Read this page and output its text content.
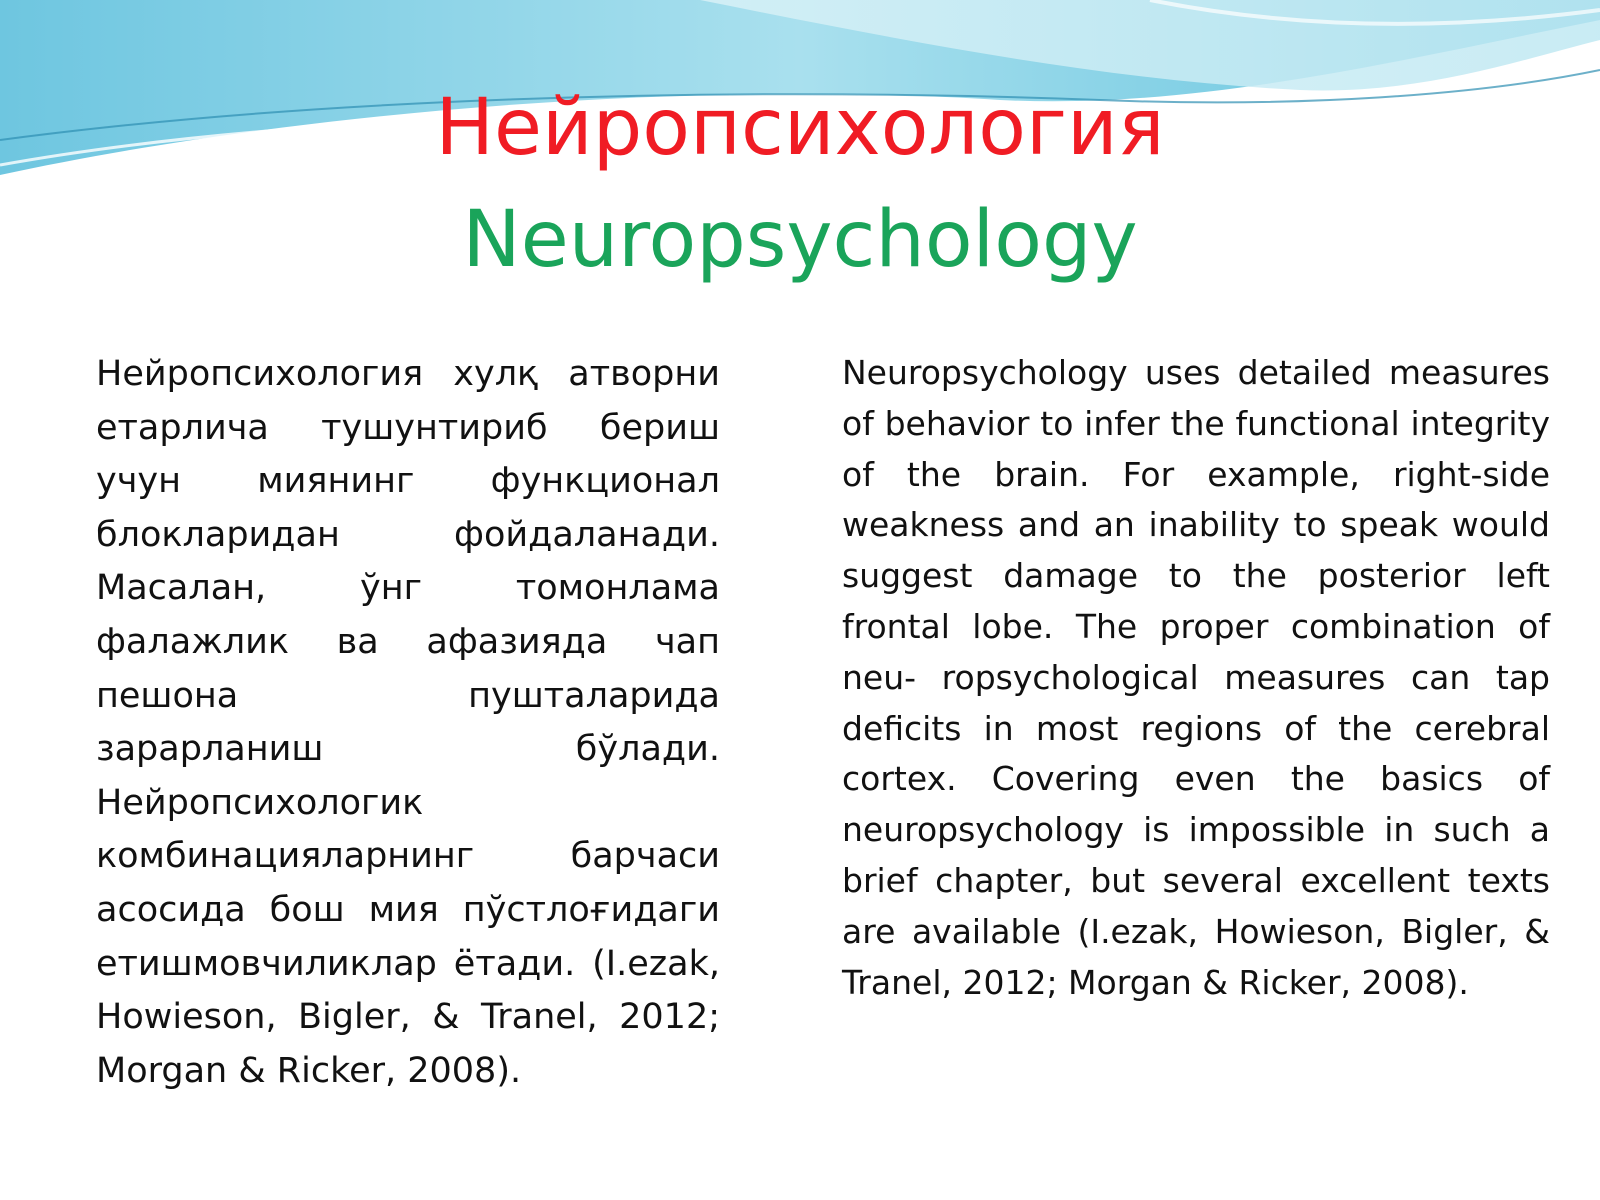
Нейропсихология
Neuropsychology
Нейропсихология хулқ атворни етарлича тушунтириб бериш учун миянинг функционал блокларидан фойдаланади. Масалан, ўнг томонлама фалажлик ва афазияда чап пешона пушталарида зарарланиш бўлади. Нейропсихологик комбинацияларнинг барчаси асосида бош мия пўстлоғидаги етишмовчиликлар ётади. (I.ezak, Howieson, Bigler, & Tranel, 2012; Morgan & Ricker, 2008).
Neuropsychology uses detailed measures of behavior to infer the functional integrity of the brain. For example, right-side weakness and an inability to speak would suggest damage to the posterior left frontal lobe. The proper combination of neu- ropsychological measures can tap deficits in most regions of the cerebral cortex. Covering even the basics of neuropsychology is impossible in such a brief chapter, but several excellent texts are available (I.ezak, Howieson, Bigler, & Tranel, 2012; Morgan & Ricker, 2008).
